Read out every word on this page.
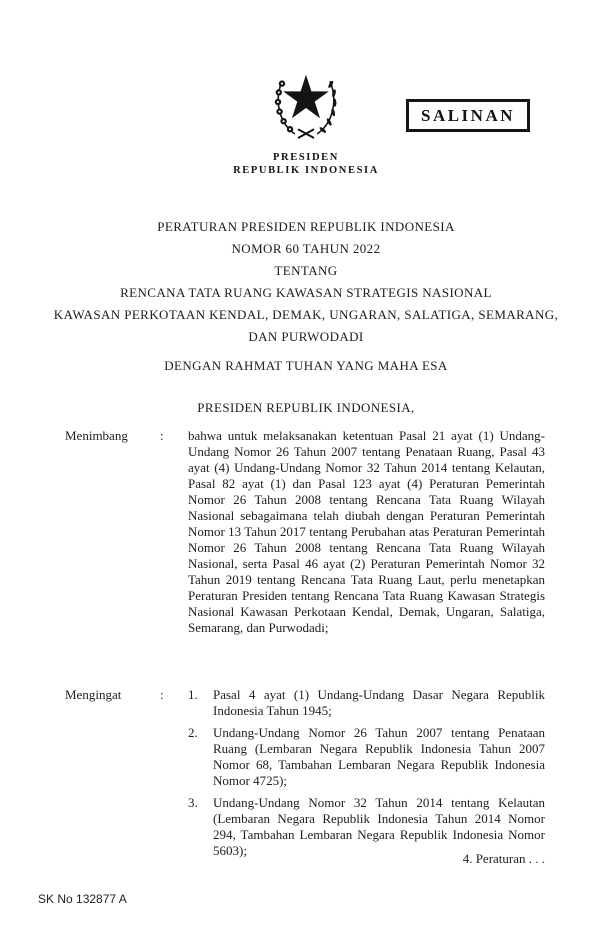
PRESIDEN
REPUBLIK INDONESIA
SALINAN
PERATURAN PRESIDEN REPUBLIK INDONESIA
NOMOR 60 TAHUN 2022
TENTANG
RENCANA TATA RUANG KAWASAN STRATEGIS NASIONAL
KAWASAN PERKOTAAN KENDAL, DEMAK, UNGARAN, SALATIGA, SEMARANG,
DAN PURWODADI
DENGAN RAHMAT TUHAN YANG MAHA ESA
PRESIDEN REPUBLIK INDONESIA,
Menimbang	:	bahwa untuk melaksanakan ketentuan Pasal 21 ayat (1) Undang-Undang Nomor 26 Tahun 2007 tentang Penataan Ruang, Pasal 43 ayat (4) Undang-Undang Nomor 32 Tahun 2014 tentang Kelautan, Pasal 82 ayat (1) dan Pasal 123 ayat (4) Peraturan Pemerintah Nomor 26 Tahun 2008 tentang Rencana Tata Ruang Wilayah Nasional sebagaimana telah diubah dengan Peraturan Pemerintah Nomor 13 Tahun 2017 tentang Perubahan atas Peraturan Pemerintah Nomor 26 Tahun 2008 tentang Rencana Tata Ruang Wilayah Nasional, serta Pasal 46 ayat (2) Peraturan Pemerintah Nomor 32 Tahun 2019 tentang Rencana Tata Ruang Laut, perlu menetapkan Peraturan Presiden tentang Rencana Tata Ruang Kawasan Strategis Nasional Kawasan Perkotaan Kendal, Demak, Ungaran, Salatiga, Semarang, dan Purwodadi;
Mengingat	:	1.	Pasal 4 ayat (1) Undang-Undang Dasar Negara Republik Indonesia Tahun 1945;
2.	Undang-Undang Nomor 26 Tahun 2007 tentang Penataan Ruang (Lembaran Negara Republik Indonesia Tahun 2007 Nomor 68, Tambahan Lembaran Negara Republik Indonesia Nomor 4725);
3.	Undang-Undang Nomor 32 Tahun 2014 tentang Kelautan (Lembaran Negara Republik Indonesia Tahun 2014 Nomor 294, Tambahan Lembaran Negara Republik Indonesia Nomor 5603);
4. Peraturan . . .
SK No 132877 A
